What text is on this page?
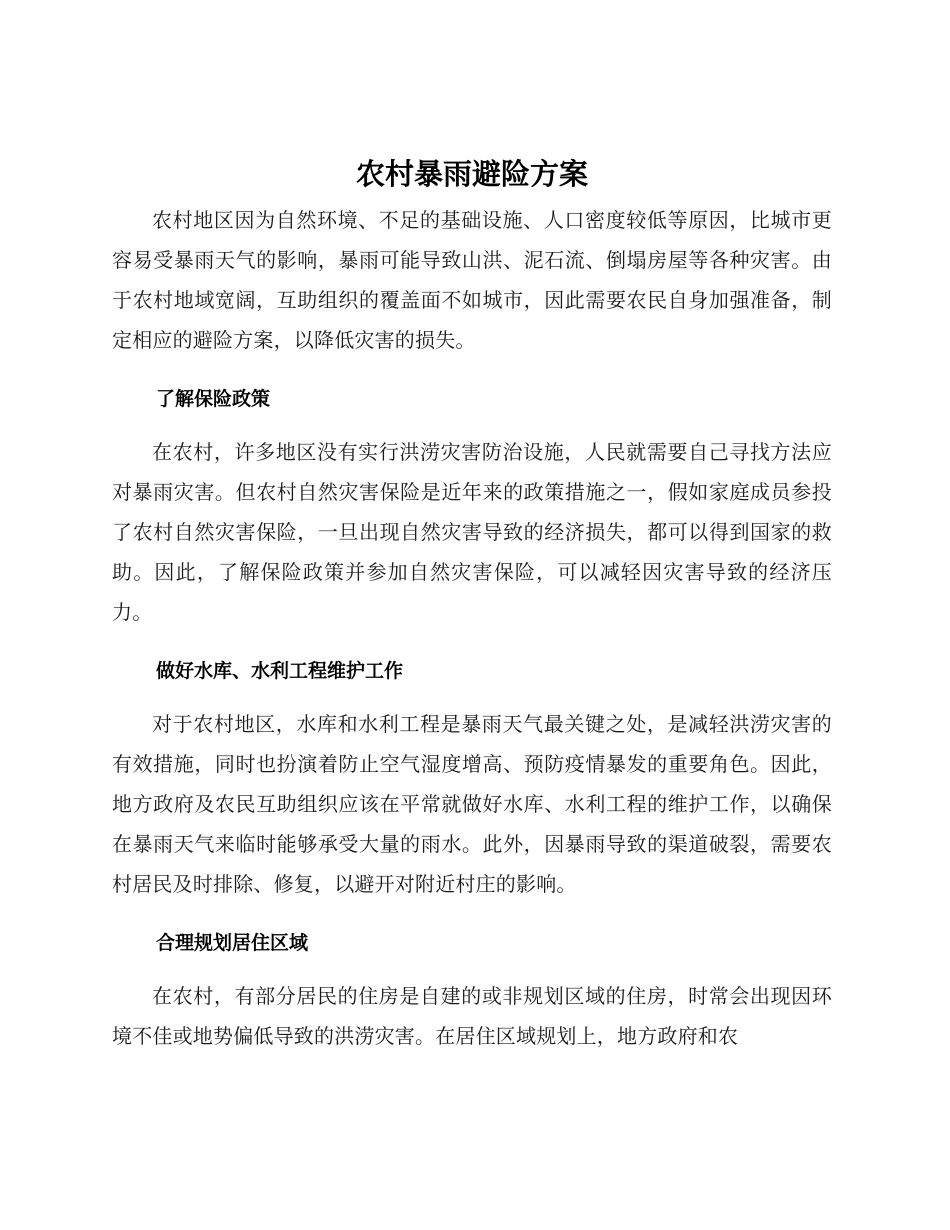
农村暴雨避险方案

农村地区因为自然环境、不足的基础设施、人口密度较低等原因，比城市更容易受暴雨天气的影响，暴雨可能导致山洪、泥石流、倒塌房屋等各种灾害。由于农村地域宽阔，互助组织的覆盖面不如城市，因此需要农民自身加强准备，制定相应的避险方案，以降低灾害的损失。

了解保险政策

在农村，许多地区没有实行洪涝灾害防治设施，人民就需要自己寻找方法应对暴雨灾害。但农村自然灾害保险是近年来的政策措施之一，假如家庭成员参投了农村自然灾害保险，一旦出现自然灾害导致的经济损失，都可以得到国家的救助。因此，了解保险政策并参加自然灾害保险，可以减轻因灾害导致的经济压力。

做好水库、水利工程维护工作

对于农村地区，水库和水利工程是暴雨天气最关键之处，是减轻洪涝灾害的有效措施，同时也扮演着防止空气湿度增高、预防疫情暴发的重要角色。因此，地方政府及农民互助组织应该在平常就做好水库、水利工程的维护工作，以确保在暴雨天气来临时能够承受大量的雨水。此外，因暴雨导致的渠道破裂，需要农村居民及时排除、修复，以避开对附近村庄的影响。

合理规划居住区域

在农村，有部分居民的住房是自建的或非规划区域的住房，时常会出现因环境不佳或地势偏低导致的洪涝灾害。在居住区域规划上，地方政府和农
